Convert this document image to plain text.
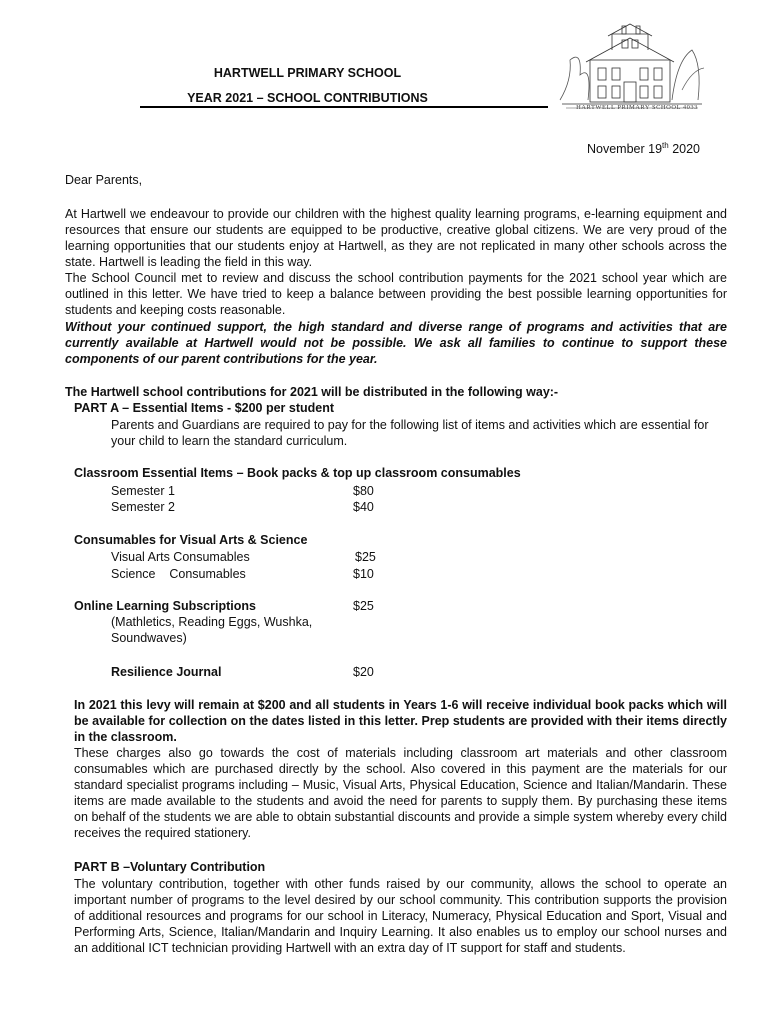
HARTWELL PRIMARY SCHOOL
YEAR 2021 – SCHOOL CONTRIBUTIONS
HARTWELL PRIMARY SCHOOL 4033
November 19th 2020
Dear Parents,
At Hartwell we endeavour to provide our children with the highest quality learning programs, e-learning equipment and resources that ensure our students are equipped to be productive, creative global citizens. We are very proud of the learning opportunities that our students enjoy at Hartwell, as they are not replicated in many other schools across the state. Hartwell is leading the field in this way.
The School Council met to review and discuss the school contribution payments for the 2021 school year which are outlined in this letter. We have tried to keep a balance between providing the best possible learning opportunities for students and keeping costs reasonable.
Without your continued support, the high standard and diverse range of programs and activities that are currently available at Hartwell would not be possible. We ask all families to continue to support these components of our parent contributions for the year.
The Hartwell school contributions for 2021 will be distributed in the following way:-
PART A – Essential Items - $200 per student
Parents and Guardians are required to pay for the following list of items and activities which are essential for your child to learn the standard curriculum.
Classroom Essential Items – Book packs & top up classroom consumables
Semester 1	$80
Semester 2	$40
Consumables for Visual Arts & Science
Visual Arts Consumables	$25
Science    Consumables	$10
Online Learning Subscriptions	$25
(Mathletics, Reading Eggs, Wushka,
Soundwaves)
Resilience Journal	$20
In 2021 this levy will remain at $200 and all students in Years 1-6 will receive individual book packs which will be available for collection on the dates listed in this letter. Prep students are provided with their items directly in the classroom.
These charges also go towards the cost of materials including classroom art materials and other classroom consumables which are purchased directly by the school. Also covered in this payment are the materials for our standard specialist programs including – Music, Visual Arts, Physical Education, Science and Italian/Mandarin. These items are made available to the students and avoid the need for parents to supply them. By purchasing these items on behalf of the students we are able to obtain substantial discounts and provide a simple system whereby every child receives the required stationery.
PART B –Voluntary Contribution
The voluntary contribution, together with other funds raised by our community, allows the school to operate an important number of programs to the level desired by our school community. This contribution supports the provision of additional resources and programs for our school in Literacy, Numeracy, Physical Education and Sport, Visual and Performing Arts, Science, Italian/Mandarin and Inquiry Learning. It also enables us to employ our school nurses and an additional ICT technician providing Hartwell with an extra day of IT support for staff and students.
